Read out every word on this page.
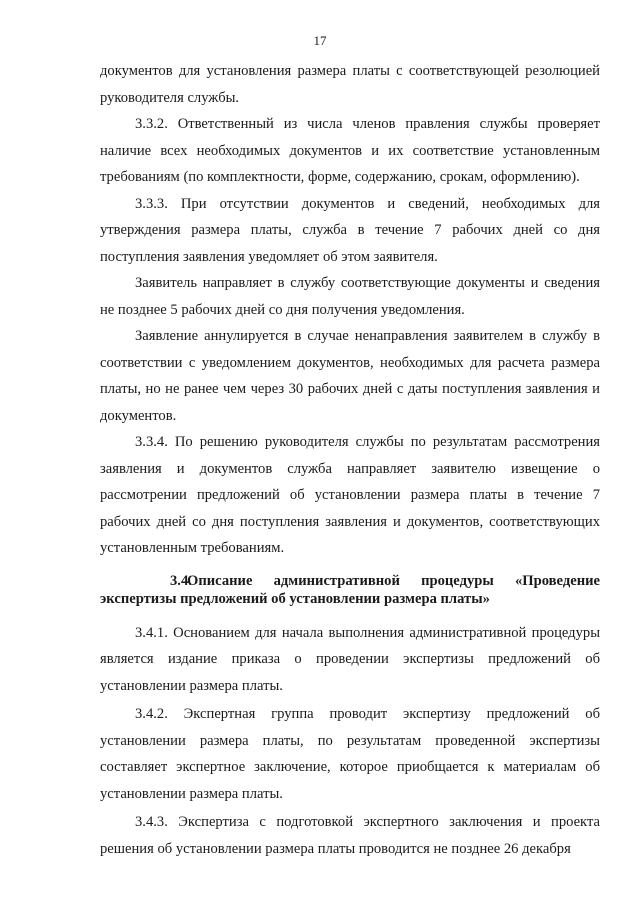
17

документов для установления размера платы с соответствующей резолюцией руководителя службы.

3.3.2. Ответственный из числа членов правления службы проверяет наличие всех необходимых документов и их соответствие установленным требованиям (по комплектности, форме, содержанию, срокам, оформлению).

3.3.3. При отсутствии документов и сведений, необходимых для утверждения размера платы, служба в течение 7 рабочих дней со дня поступления заявления уведомляет об этом заявителя.

Заявитель направляет в службу соответствующие документы и сведения не позднее 5 рабочих дней со дня получения уведомления.

Заявление аннулируется в случае ненаправления заявителем в службу в соответствии с уведомлением документов, необходимых для расчета размера платы, но не ранее чем через 30 рабочих дней с даты поступления заявления и документов.

3.3.4. По решению руководителя службы по результатам рассмотрения заявления и документов служба направляет заявителю извещение о рассмотрении предложений об установлении размера платы в течение 7 рабочих дней со дня поступления заявления и документов, соответствующих установленным требованиям.

3.4.Описание административной процедуры «Проведение экспертизы предложений об установлении размера платы»

3.4.1. Основанием для начала выполнения административной процедуры является издание приказа о проведении экспертизы предложений об установлении размера платы.

3.4.2. Экспертная группа проводит экспертизу предложений об установлении размера платы, по результатам проведенной экспертизы составляет экспертное заключение, которое приобщается к материалам об установлении размера платы.

3.4.3. Экспертиза с подготовкой экспертного заключения и проекта решения об установлении размера платы проводится не позднее 26 декабря
